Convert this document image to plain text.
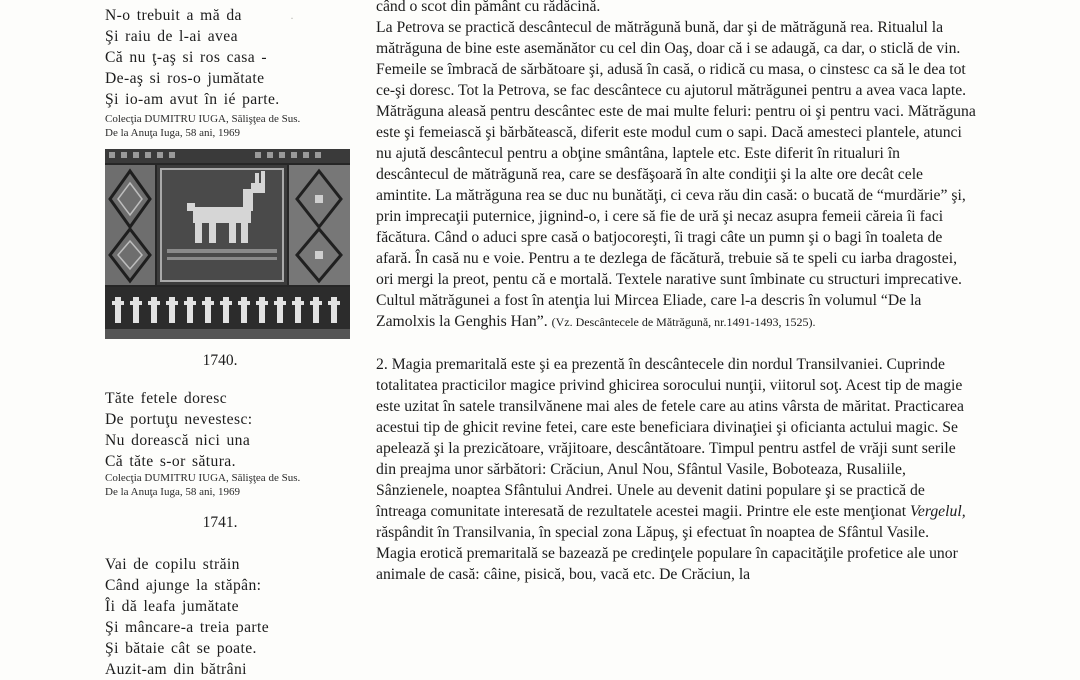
·
N-o trebuit a mă da
Şi raiu de l-ai avea
Că nu ţ-aş si ros casa -
De-aş si ros-o jumătate
Şi io-am avut în ié parte.
Colecţia DUMITRU IUGA, Sălişţea de Sus.
De la Anuţa Iuga, 58 ani, 1969
1740.
Tăte fetele doresc
De portuţu nevestesc:
Nu dorească nici una
Că tăte s-or sătura.
Colecţia DUMITRU IUGA, Sălişţea de Sus.
De la Anuţa Iuga, 58 ani, 1969
1741.
Vai de copilu străin
Când ajunge la stăpân:
Îi dă leafa jumătate
Şi mâncare-a treia parte
Şi bătaie cât se poate.
Auzit-am din bătrâni

când o scot din pământ cu rădăcină.

La Petrova se practică descântecul de mătrăgună bună, dar şi de mătrăgună rea. Ritualul la mătrăguna de bine este asemănător cu cel din Oaş, doar că i se adaugă, ca dar, o sticlă de vin. Femeile se îmbracă de sărbătoare şi, adusă în casă, o ridică cu masa, o cinstesc ca să le dea tot ce-şi doresc. Tot la Petrova, se fac descântece cu ajutorul mătrăgunei pentru a avea vaca lapte. Mătrăguna aleasă pentru descântec este de mai multe feluri: pentru oi şi pentru vaci. Mătrăguna este şi femeiască şi bărbătească, diferit este modul cum o sapi. Dacă amesteci plantele, atunci nu ajută descântecul pentru a obţine smântâna, laptele etc. Este diferit în ritualuri în descântecul de mătrăgună rea, care se desfăşoară în alte condiţii şi la alte ore decât cele amintite. La mătrăguna rea se duc nu bunătăţi, ci ceva rău din casă: o bucată de “murdărie” şi, prin imprecaţii puternice, jignind-o, i cere să fie de ură şi necaz asupra femeii căreia îi faci făcătura. Când o aduci spre casă o batjocoreşti, îi tragi câte un pumn şi o bagi în toaleta de afară. În casă nu e voie. Pentru a te dezlega de făcătură, trebuie să te speli cu iarba dragostei, ori mergi la preot, pentu că e mortală. Textele narative sunt îmbinate cu structuri imprecative.

Cultul mătrăgunei a fost în atenţia lui Mircea Eliade, care l-a descris în volumul “De la Zamolxis la Genghis Han”. (Vz. Descântecele de Mătrăgună, nr.1491-1493, 1525).

2. Magia premaritală este şi ea prezentă în descântecele din nordul Transilvaniei. Cuprinde totalitatea practicilor magice privind ghicirea sorocului nunţii, viitorul soţ. Acest tip de magie este uzitat în satele transilvănene mai ales de fetele care au atins vârsta de măritat. Practicarea acestui tip de ghicit revine fetei, care este beneficiara divinaţiei şi oficianta actului magic. Se apelează şi la prezicătoare, vrăjitoare, descântătoare. Timpul pentru astfel de vrăji sunt serile din preajma unor sărbători: Crăciun, Anul Nou, Sfântul Vasile, Boboteaza, Rusaliile, Sânzienele, noaptea Sfântului Andrei. Unele au devenit datini populare şi se practică de întreaga comunitate interesată de rezultatele acestei magii. Printre ele este menţionat Vergelul, răspândit în Transilvania, în special zona Lăpuş, şi efectuat în noaptea de Sfântul Vasile.

Magia erotică premaritală se bazează pe credinţele populare în capacităţile profetice ale unor animale de casă: câine, pisică, bou, vacă etc. De Crăciun, la
